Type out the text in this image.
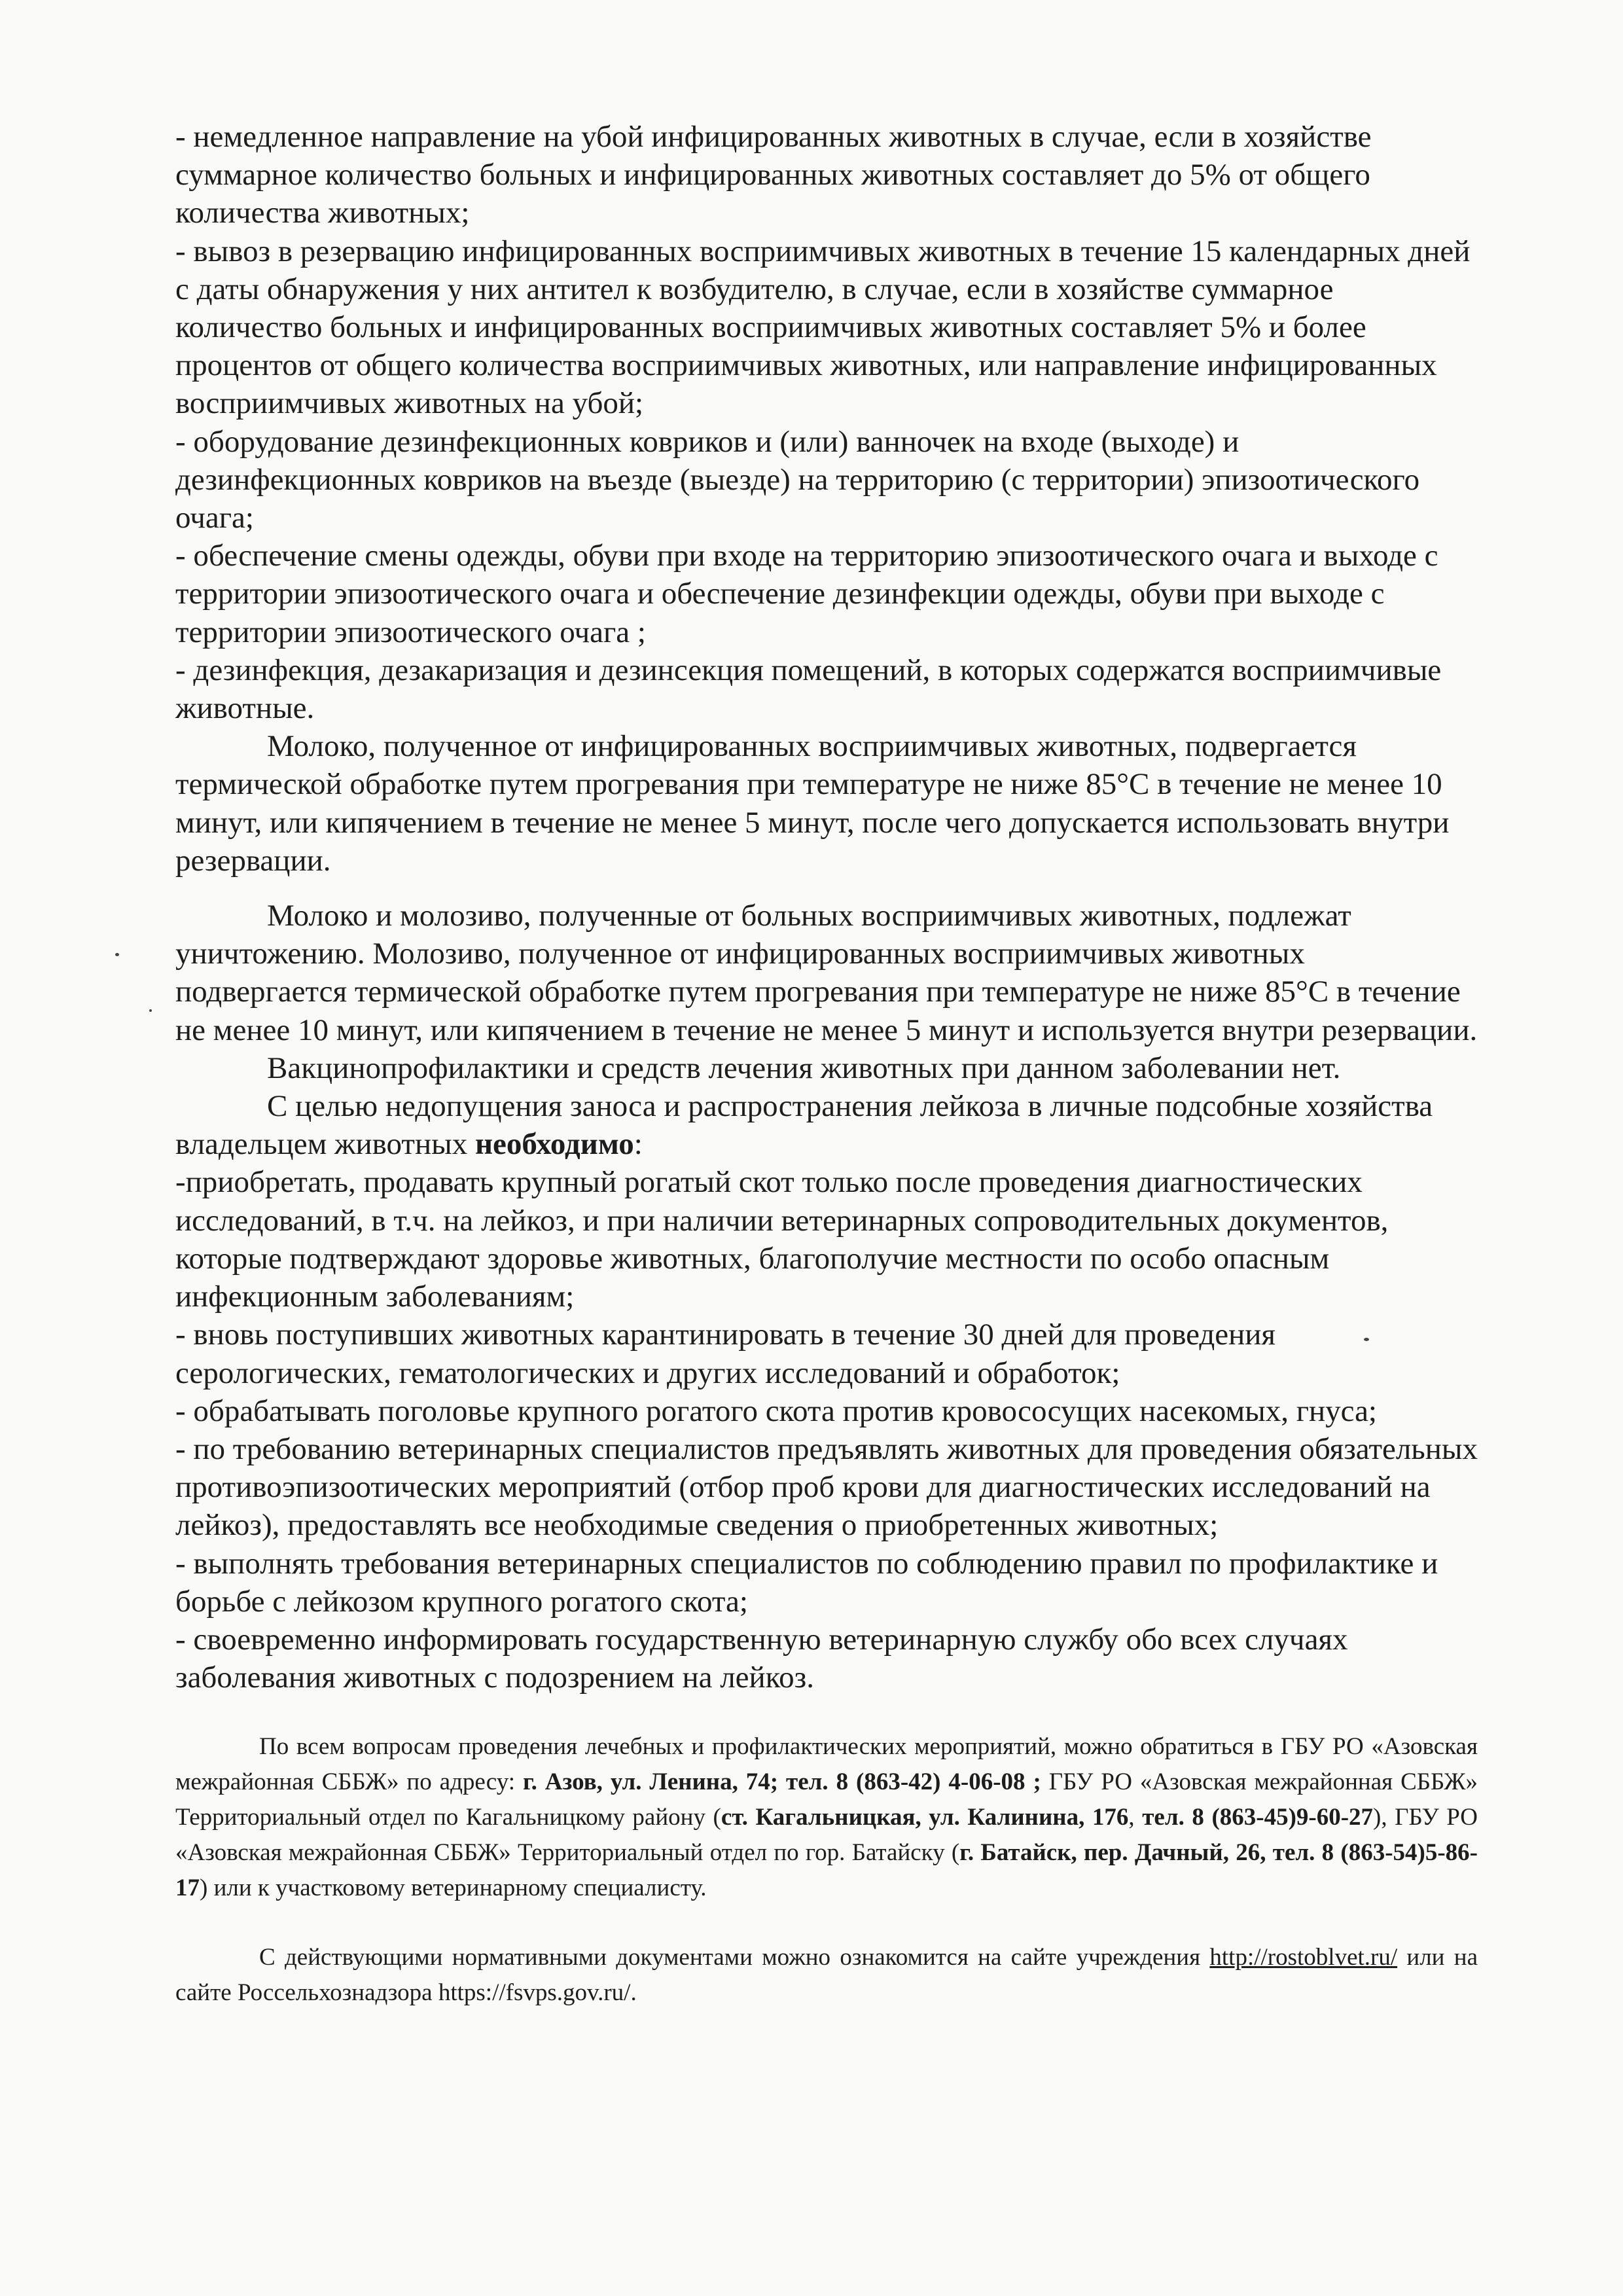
- немедленное направление на убой инфицированных животных в случае, если в хозяйстве суммарное количество больных и инфицированных животных составляет до 5% от общего количества животных;

- вывоз в резервацию инфицированных восприимчивых животных в течение 15 календарных дней с даты обнаружения у них антител к возбудителю, в случае, если в хозяйстве суммарное количество больных и инфицированных восприимчивых животных составляет 5% и более процентов от общего количества восприимчивых животных, или направление инфицированных восприимчивых животных на убой;

- оборудование дезинфекционных ковриков и (или) ванночек на входе (выходе) и дезинфекционных ковриков на въезде (выезде) на территорию (с территории) эпизоотического очага;

- обеспечение смены одежды, обуви при входе на территорию эпизоотического очага и выходе с территории эпизоотического очага и обеспечение дезинфекции одежды, обуви при выходе с территории эпизоотического очага ;

- дезинфекция, дезакаризация и дезинсекция помещений, в которых содержатся восприимчивые животные.

Молоко, полученное от инфицированных восприимчивых животных, подвергается термической обработке путем прогревания при температуре не ниже 85°С в течение не менее 10 минут, или кипячением в течение не менее 5 минут, после чего допускается использовать внутри резервации.

Молоко и молозиво, полученные от больных восприимчивых животных, подлежат уничтожению. Молозиво, полученное от инфицированных восприимчивых животных подвергается термической обработке путем прогревания при температуре не ниже 85°С в течение не менее 10 минут, или кипячением в течение не менее 5 минут и используется внутри резервации.

Вакцинопрофилактики и средств лечения животных при данном заболевании нет.

С целью недопущения заноса и распространения лейкоза в личные подсобные хозяйства владельцем животных необходимо:

-приобретать, продавать крупный рогатый скот только после проведения диагностических исследований, в т.ч. на лейкоз, и при наличии ветеринарных сопроводительных документов, которые подтверждают здоровье животных, благополучие местности по особо опасным инфекционным заболеваниям;

- вновь поступивших животных карантинировать в течение 30 дней для проведения серологических, гематологических и других исследований и обработок;

- обрабатывать поголовье крупного рогатого скота против кровососущих насекомых, гнуса;

- по требованию ветеринарных специалистов предъявлять животных для проведения обязательных противоэпизоотических мероприятий (отбор проб крови для диагностических исследований на лейкоз), предоставлять все необходимые сведения о приобретенных животных;

- выполнять требования ветеринарных специалистов по соблюдению правил по профилактике и борьбе с лейкозом крупного рогатого скота;

- своевременно информировать государственную ветеринарную службу обо всех случаях заболевания животных с подозрением на лейкоз.

По всем вопросам проведения лечебных и профилактических мероприятий, можно обратиться в ГБУ РО «Азовская межрайонная СББЖ» по адресу: г. Азов, ул. Ленина, 74; тел. 8 (863-42) 4-06-08 ; ГБУ РО «Азовская межрайонная СББЖ» Территориальный отдел по Кагальницкому району (ст. Кагальницкая, ул. Калинина, 176, тел. 8 (863-45)9-60-27), ГБУ РО «Азовская межрайонная СББЖ» Территориальный отдел по гор. Батайску (г. Батайск, пер. Дачный, 26, тел. 8 (863-54)5-86-17) или к участковому ветеринарному специалисту.

С действующими нормативными документами можно ознакомится на сайте учреждения http://rostoblvet.ru/ или на сайте Россельхознадзора https://fsvps.gov.ru/.
